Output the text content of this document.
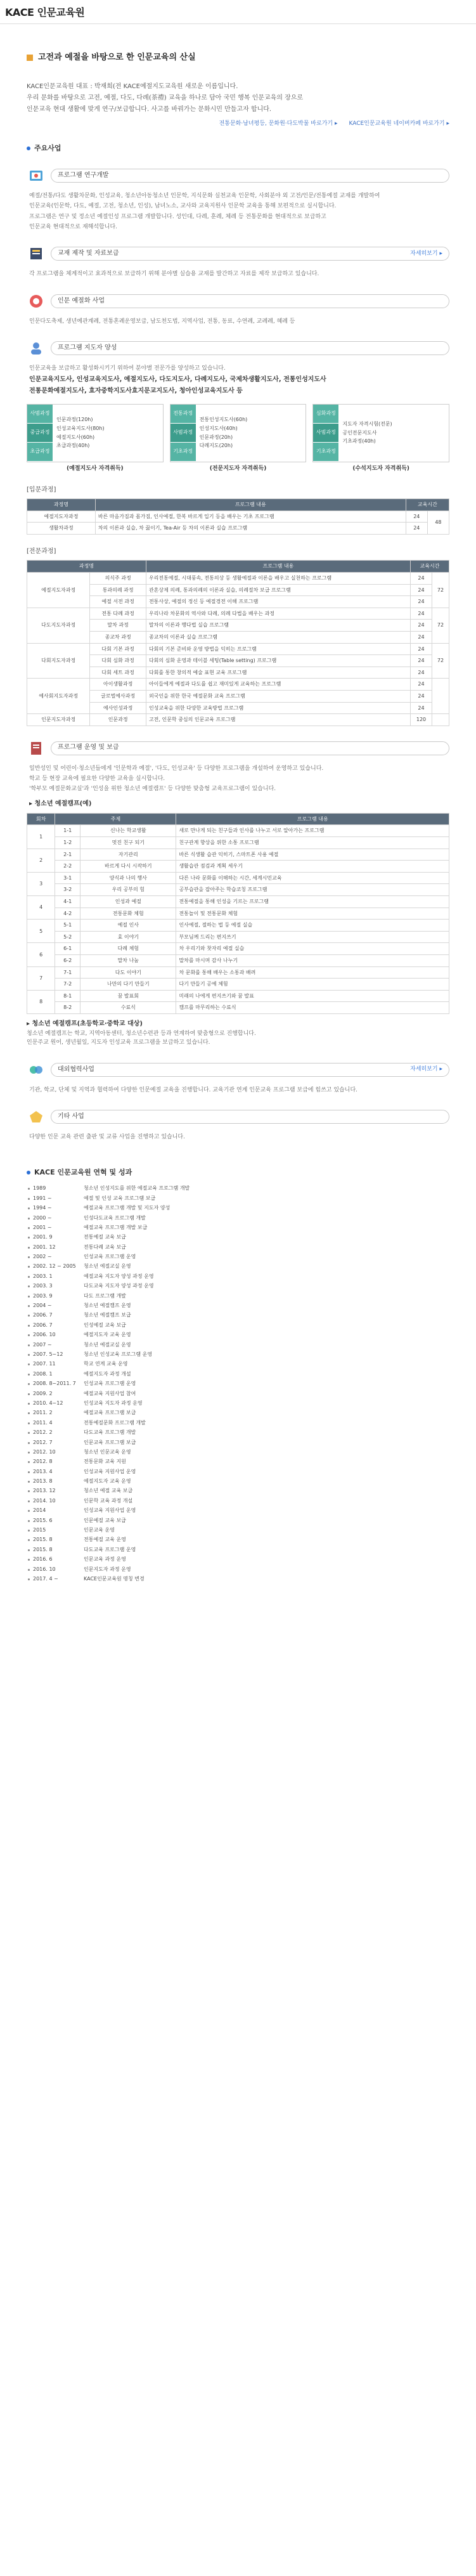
KACE 인문교육원
고전과 예절을 바탕으로 한 인문교육의 산실

KACE인문교육원 대표 : 박재희(전 KACE예절지도교육원 새로운 이름입니다.

우리 문화를 바탕으로 고전, 예절, 다도, 다례(茶禮) 교육을 하나로 담아 국민 행복 인문교육의 장으로

인문교육 현대 생활에 맞게 연구/보급합니다. 사고를 바꿔가는 문화시민 만들고자 합니다.

전통문화·남녀평등, 문화원·다도박물 바로가기 ▸ KACE인문교육원 네이버카페 바로가기 ▸
주요사업
프로그램 연구개발

예절/전통/다도 생활차문화, 인성교육, 청소년아동청소년 인문학, 지식문화 실천교육 인문학, 사회분야 외 고전/인문/전통예절 교재를 개발하여

인문교육(인문학, 다도, 예절, 고전, 청소년, 인성), 남녀노소, 교사와 교육지원사 인문학 교육을 통해 보편적으로 실시합니다.

프로그램은 연구 및 정소년 예절인성 프로그램 개발합니다. 성인대, 다례, 훈례, 체례 등 전통문화를 현대적으로 보급하고

인문교육 현대적으로 재해석합니다.

교재 제작 및 자료보급	자세히보기 ▸

각 프로그램을 체계적이고 효과적으로 보급하기 위해 분야별 실습용 교재를 발간하고 자료를 제작 보급하고 있습니다.

인문 예절화 사업

인문다도축제, 생년예관계례, 전통혼례운영보급, 남도천도법, 지역사업, 전통, 동료, 수연례, 교례례, 혜례 등

프로그램 지도자 양성

인문교육을 보급하고 활성화시키기 위하여 분야별 전문가를 양성하고 있습니다.

인문교육지도사, 인성교육지도사, 예절지도사, 다도지도사, 다례지도사, 국제차생활지도사, 전통인성지도사

전통문화예절지도사, 효자중학지도사효지문교지도사, 청아인성교육지도사 등

사범과정
중급과정
초급과정
인문과정(120h)
인성교육지도사(80h)
예절지도사(60h)
초급과정(40h)
(예절지도사 자격취득)
전통과정
사범과정
기초과정
전통인성지도사(60h)
인성지도사(40h)
인문과정(20h)
다례지도(20h)
(전문지도자 자격취득)
심화과정
사범과정
기초과정
지도자 자격시험(전문)
공인전문지도사
기초과정(40h)
(수석지도자 자격취득)
[입문과정]
과정명	프로그램 내용	교육시간	
예절지도자과정	바른 마음가짐과 몸가짐, 인사예절, 한복 바르게 입기 등을 배우는 기초 프로그램	24	48
생활차과정	차의 이론과 실습, 차 끓이기, Tea-Air 등 차의 이론과 실습 프로그램	24	
[전문과정]
과정명		프로그램 내용	교육시간	
예절지도자과정	의식주 과정	우리전통예절, 시대풍속, 전통의상 등 생활예절과 이론을 배우고 실천하는 프로그램	24	72
	통과의례 과정	관혼상제 의례, 통과의례의 이론과 실습, 의례절차 보급 프로그램	24	
	예절 서전 과정	전통사상, 예절의 정신 등 예절경전 이해 프로그램	24	
다도지도자과정	전통 다례 과정	우리나라 차문화의 역사와 다례, 의례 다법을 배우는 과정	24	72
	말차 과정	말차의 이론과 행다법 실습 프로그램	24	
	종교차 과정	종교차의 이론과 실습 프로그램	24	
다회지도자과정	다회 기본 과정	다회의 기본 준비와 운영 방법을 익히는 프로그램	24	72
	다회 심화 과정	다회의 심화 운영과 테이블 세팅(Table setting) 프로그램	24	
	다회 세트 과정	다회를 통한 창의적 예술 표현 교육 프로그램	24	
예사회지도자과정	아이생활과정	아이들에게 예절과 다도를 쉽고 재미있게 교육하는 프로그램	24	
	글로벌예사과정	외국인을 위한 한국 예절문화 교육 프로그램	24	
	예사인성과정	인성교육을 위한 다양한 교육방법 프로그램	24	
인문지도자과정	인문과정	고전, 인문학 중심의 인문교육 프로그램	120	
프로그램 운영 및 보급

일반성인 및 어린이·청소년들에게 '인문학과 예절', '다도, 인성교육' 등 다양한 프로그램을 개설하여 운영하고 있습니다.

학교 등 현장 교육에 필요한 다양한 교육을 실시합니다.

'학부모 예절문화교실'과 '인성을 위한 청소년 예절캠프' 등 다양한 맞춤형 교육프로그램이 있습니다.

▸ 청소년 예절캠프(예)

회차	주제		프로그램 내용
1	1-1	신나는 학교생활	새로 만나게 되는 친구들과 인사를 나누고 서로 알아가는 프로그램
	1-2	멋진 친구 되기	친구관계 향상을 위한 소통 프로그램
2	2-1	자기관리	바른 식생활 습관 익히기, 스마트폰 사용 예절
	2-2	바르게 다시 시작하기	생활습관 점검과 계획 세우기
3	3-1	양식과 나의 행사	다른 나라 문화를 이해하는 시간, 세계시민교육
	3-2	우리 공부의 힘	공부습관을 잡아주는 학습코칭 프로그램
4	4-1	인성과 예절	전통예절을 통해 인성을 기르는 프로그램
	4-2	전통문화 체험	전통놀이 및 전통문화 체험
5	5-1	예절 인사	인사예절, 절하는 법 등 예절 실습
	5-2	효 이야기	부모님께 드리는 편지쓰기
6	6-1	다례 체험	차 우리기와 찻자리 예절 실습
	6-2	말차 나눔	말차를 마시며 감사 나누기
7	7-1	다도 이야기	차 문화를 통해 배우는 소통과 배려
	7-2	나만의 다기 만들기	다기 만들기 공예 체험
8	8-1	꿈 발표회	미래의 나에게 편지쓰기와 꿈 발표
	8-2	수료식	캠프를 마무리하는 수료식

▸ 청소년 예절캠프(초등학교·중학교 대상)

청소년 예절캠프는 학교, 지역아동센터, 청소년수련관 등과 연계하여 맞춤형으로 진행합니다.

인문주교 원어, 생년월일, 지도자 인성교육 프로그램을 보급하고 있습니다.

대외협력사업	자세히보기 ▸

기관, 학교, 단체 및 지역과 협력하여 다양한 인문예절 교육을 진행합니다. 교육기관 연계 인문교육 프로그램 보급에 힘쓰고 있습니다.

기타 사업

다양한 인문 교육 관련 출판 및 교류 사업을 진행하고 있습니다.

KACE 인문교육원 연혁 및 성과
1989	청소년 인성지도를 위한 예절교육 프로그램 개발
1991 ~	예절 및 인성 교육 프로그램 보급
1994 ~	예절교육 프로그램 개발 및 지도자 양성
2000 ~	인성다도교육 프로그램 개발
2001 ~	예절교육 프로그램 개발 보급
2001. 9	전통예절 교육 보급
2001. 12	전통다례 교육 보급
2002 ~	인성교육 프로그램 운영
2002. 12 ~ 2005	청소년 예절교실 운영
2003. 1	예절교육 지도자 양성 과정 운영
2003. 3	다도교육 지도자 양성 과정 운영
2003. 9	다도 프로그램 개발
2004 ~	청소년 예절캠프 운영
2006. 7	청소년 예절캠프 보급
2006. 7	인성예절 교육 보급
2006. 10	예절지도자 교육 운영
2007 ~	청소년 예절교실 운영
2007. 5~12	청소년 인성교육 프로그램 운영
2007. 11	학교 연계 교육 운영
2008. 1	예절지도자 과정 개설
2008. 8~2011. 7	인성교육 프로그램 운영
2009. 2	예절교육 지원사업 참여
2010. 4~12	인성교육 지도자 과정 운영
2011. 2	예절교육 프로그램 보급
2011. 4	전통예절문화 프로그램 개발
2012. 2	다도교육 프로그램 개발
2012. 7	인문교육 프로그램 보급
2012. 10	청소년 인문교육 운영
2012. 8	전통문화 교육 지원
2013. 4	인성교육 지원사업 운영
2013. 8	예절지도자 교육 운영
2013. 12	청소년 예절 교육 보급
2014. 10	인문학 교육 과정 개설
2014	인성교육 지원사업 운영
2015. 6	인문예절 교육 보급
2015	인문교육 운영
2015. 8	전통예절 교육 운영
2015. 8	다도교육 프로그램 운영
2016. 6	인문교육 과정 운영
2016. 10	인문지도자 과정 운영
2017. 4 ~	KACE인문교육원 명칭 변경
